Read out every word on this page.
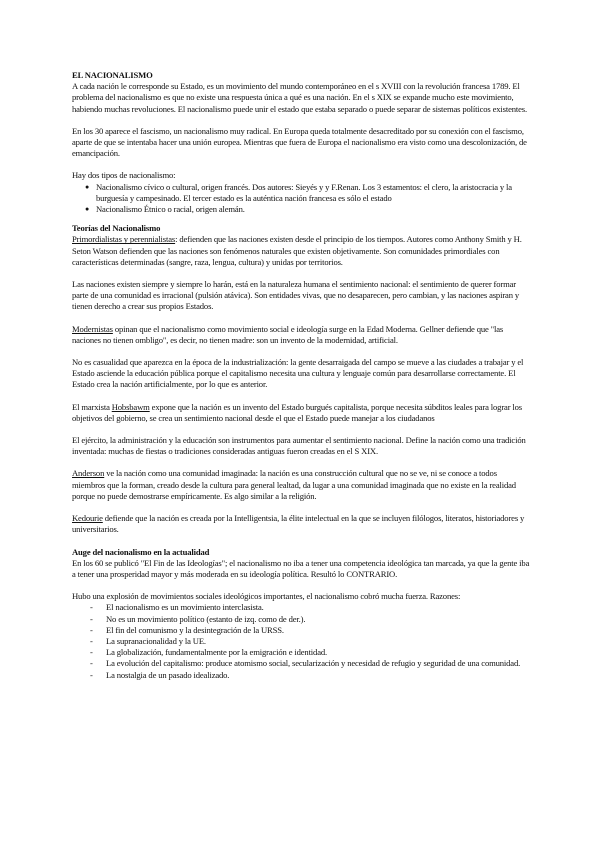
EL NACIONALISMO

A cada nación le corresponde su Estado, es un movimiento del mundo contemporáneo en el s XVIII con la revolución francesa 1789. El problema del nacionalismo es que no existe una respuesta única a qué es una nación. En el s XIX se expande mucho este movimiento, habiendo muchas revoluciones. El nacionalismo puede unir el estado que estaba separado o puede separar de sistemas políticos existentes.

En los 30 aparece el fascismo, un nacionalismo muy radical. En Europa queda totalmente desacreditado por su conexión con el fascismo, aparte de que se intentaba hacer una unión europea. Mientras que fuera de Europa el nacionalismo era visto como una descolonización, de emancipación.

Hay dos tipos de nacionalismo:

● Nacionalismo cívico o cultural, origen francés. Dos autores: Sieyés y y F.Renan. Los 3 estamentos: el clero, la aristocracia y la burguesía y campesinado. El tercer estado es la auténtica nación francesa es sólo el estado
● Nacionalismo Étnico o racial, origen alemán.

Teorías del Nacionalismo

Primordialistas y perennialistas: defienden que las naciones existen desde el principio de los tiempos. Autores como Anthony Smith y H. Seton Watson defienden que las naciones son fenómenos naturales que existen objetivamente. Son comunidades primordiales con características determinadas (sangre, raza, lengua, cultura) y unidas por territorios.

Las naciones existen siempre y siempre lo harán, está en la naturaleza humana el sentimiento nacional: el sentimiento de querer formar parte de una comunidad es irracional (pulsión atávica). Son entidades vivas, que no desaparecen, pero cambian, y las naciones aspiran y tienen derecho a crear sus propios Estados.

Modernistas opinan que el nacionalismo como movimiento social e ideología surge en la Edad Moderna. Gellner defiende que "las naciones no tienen ombligo", es decir, no tienen madre: son un invento de la modernidad, artificial.

No es casualidad que aparezca en la época de la industrialización: la gente desarraigada del campo se mueve a las ciudades a trabajar y el Estado asciende la educación pública porque el capitalismo necesita una cultura y lenguaje común para desarrollarse correctamente. El Estado crea la nación artificialmente, por lo que es anterior.

El marxista Hobsbawm expone que la nación es un invento del Estado burgués capitalista, porque necesita súbditos leales para lograr los objetivos del gobierno, se crea un sentimiento nacional desde el que el Estado puede manejar a los ciudadanos

El ejército, la administración y la educación son instrumentos para aumentar el sentimiento nacional. Define la nación como una tradición inventada: muchas de fiestas o tradiciones consideradas antiguas fueron creadas en el S XIX.

Anderson ve la nación como una comunidad imaginada: la nación es una construcción cultural que no se ve, ni se conoce a todos miembros que la forman, creado desde la cultura para general lealtad, da lugar a una comunidad imaginada que no existe en la realidad porque no puede demostrarse empíricamente. Es algo similar a la religión.

Kedourie defiende que la nación es creada por la Intelligentsia, la élite intelectual en la que se incluyen filólogos, literatos, historiadores y universitarios.

Auge del nacionalismo en la actualidad

En los 60 se publicó "El Fin de las Ideologías"; el nacionalismo no iba a tener una competencia ideológica tan marcada, ya que la gente iba a tener una prosperidad mayor y más moderada en su ideología política. Resultó lo CONTRARIO.

Hubo una explosión de movimientos sociales ideológicos importantes, el nacionalismo cobró mucha fuerza. Razones:

- El nacionalismo es un movimiento interclasista.
- No es un movimiento político (estanto de izq. como de der.).
- El fin del comunismo y la desintegración de la URSS.
- La supranacionalidad y la UE.
- La globalización, fundamentalmente por la emigración e identidad.
- La evolución del capitalismo: produce atomismo social, secularización y necesidad de refugio y seguridad de una comunidad.
- La nostalgia de un pasado idealizado.
